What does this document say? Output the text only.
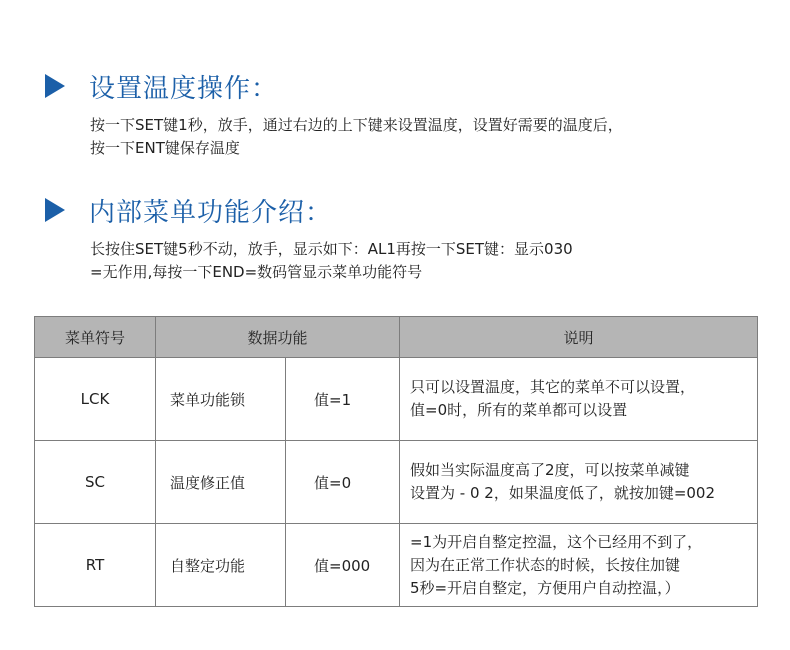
设置温度操作：
按一下SET键1秒，放手，通过右边的上下键来设置温度，设置好需要的温度后，
按一下ENT键保存温度
内部菜单功能介绍：
长按住SET键5秒不动，放手，显示如下：AL1再按一下SET键：显示030
=无作用,每按一下END=数码管显示菜单功能符号
菜单符号	数据功能		说明
LCK	菜单功能锁	值=1	只可以设置温度，其它的菜单不可以设置，
值=0时，所有的菜单都可以设置

SC	温度修正值	值=0	假如当实际温度高了2度，可以按菜单减键
设置为 - 0 2，如果温度低了，就按加键=002

RT	自整定功能	值=000	=1为开启自整定控温，这个已经用不到了，
因为在正常工作状态的时候，长按住加键
5秒=开启自整定，方便用户自动控温，）
